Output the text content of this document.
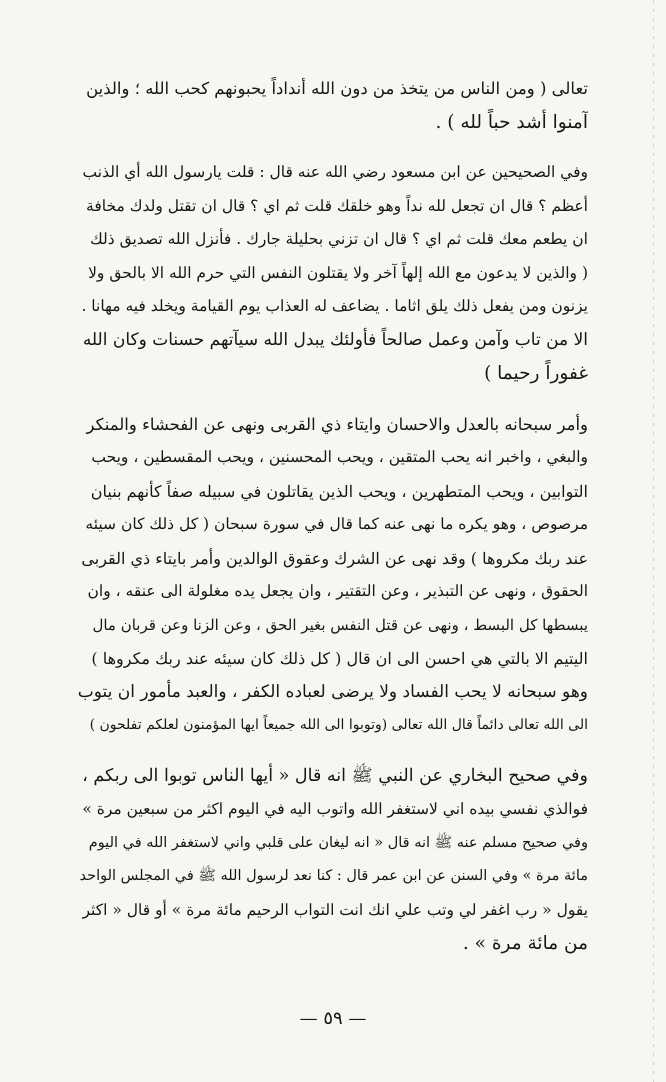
تعالى ( ومن الناس من يتخذ من دون الله أنداداً يحبونهم كحب الله ؛ والذين
آمنوا أشد حباً لله ) .

وفي الصحيحين عن ابن مسعود رضي الله عنه قال : قلت يارسول الله أي الذنب
أعظم ؟ قال ان تجعل لله نداً وهو خلقك قلت ثم اي ؟ قال ان تقتل ولدك مخافة
ان يطعم معك قلت ثم اي ؟ قال ان تزني بحليلة جارك . فأنزل الله تصديق ذلك
( والذين لا يدعون مع الله إلهاً آخر ولا يقتلون النفس التي حرم الله الا بالحق ولا
يزنون ومن يفعل ذلك يلق اثاما . يضاعف له العذاب يوم القيامة ويخلد فيه مهانا .
الا من تاب وآمن وعمل صالحاً فأولئك يبدل الله سيآتهم حسنات وكان الله
غفوراً رحيما )

وأمر سبحانه بالعدل والاحسان وايتاء ذي القربى ونهى عن الفحشاء والمنكر
والبغي ، واخبر انه يحب المتقين ، ويحب المحسنين ، ويحب المقسطين ، ويحب
التوابين ، ويحب المتطهرين ، ويحب الذين يقاتلون في سبيله صفاً كأنهم بنيان
مرصوص ، وهو يكره ما نهى عنه كما قال في سورة سبحان ( كل ذلك كان سيئه
عند ربك مكروها ) وقد نهى عن الشرك وعقوق الوالدين وأمر بايتاء ذي القربى
الحقوق ، ونهى عن التبذير ، وعن التقتير ، وان يجعل يده مغلولة الى عنقه ، وان
يبسطها كل البسط ، ونهى عن قتل النفس بغير الحق ، وعن الزنا وعن قربان مال
اليتيم الا بالتي هي احسن الى ان قال ( كل ذلك كان سيئه عند ربك مكروها )
وهو سبحانه لا يحب الفساد ولا يرضى لعباده الكفر ، والعبد مأمور ان يتوب
الى الله تعالى دائماً قال الله تعالى (وتوبوا الى الله جميعاً ايها المؤمنون لعلكم تفلحون )

وفي صحيح البخاري عن النبي ﷺ انه قال « أيها الناس توبوا الى ربكم ،
فوالذي نفسي بيده اني لاستغفر الله واتوب اليه في اليوم اكثر من سبعين مرة »
وفي صحيح مسلم عنه ﷺ انه قال « انه ليغان على قلبي واني لاستغفر الله في اليوم
مائة مرة » وفي السنن عن ابن عمر قال : كنا نعد لرسول الله ﷺ في المجلس الواحد
يقول « رب اغفر لي وتب علي انك انت التواب الرحيم مائة مرة » أو قال « اكثر
من مائة مرة » .

— ٥٩ —
